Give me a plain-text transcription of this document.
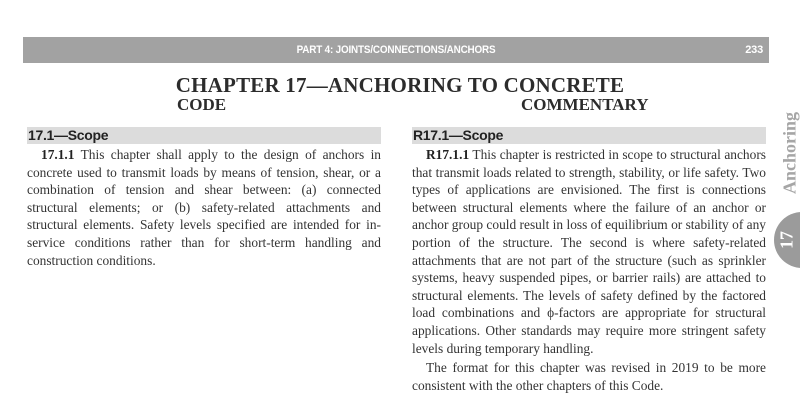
PART 4: JOINTS/CONNECTIONS/ANCHORS	233
CHAPTER 17—ANCHORING TO CONCRETE
CODE	COMMENTARY
17.1—Scope

17.1.1 This chapter shall apply to the design of anchors in concrete used to transmit loads by means of tension, shear, or a combination of tension and shear between: (a) connected structural elements; or (b) safety-related attachments and structural elements. Safety levels specified are intended for in-service conditions rather than for short-term handling and construction conditions.

R17.1—Scope

R17.1.1 This chapter is restricted in scope to structural anchors that transmit loads related to strength, stability, or life safety. Two types of applications are envisioned. The first is connections between structural elements where the failure of an anchor or anchor group could result in loss of equilibrium or stability of any portion of the structure. The second is where safety-related attachments that are not part of the structure (such as sprinkler systems, heavy suspended pipes, or barrier rails) are attached to structural elements. The levels of safety defined by the factored load combinations and ϕ-factors are appropriate for structural applications. Other standards may require more stringent safety levels during temporary handling.

The format for this chapter was revised in 2019 to be more consistent with the other chapters of this Code.

Anchoring
17
